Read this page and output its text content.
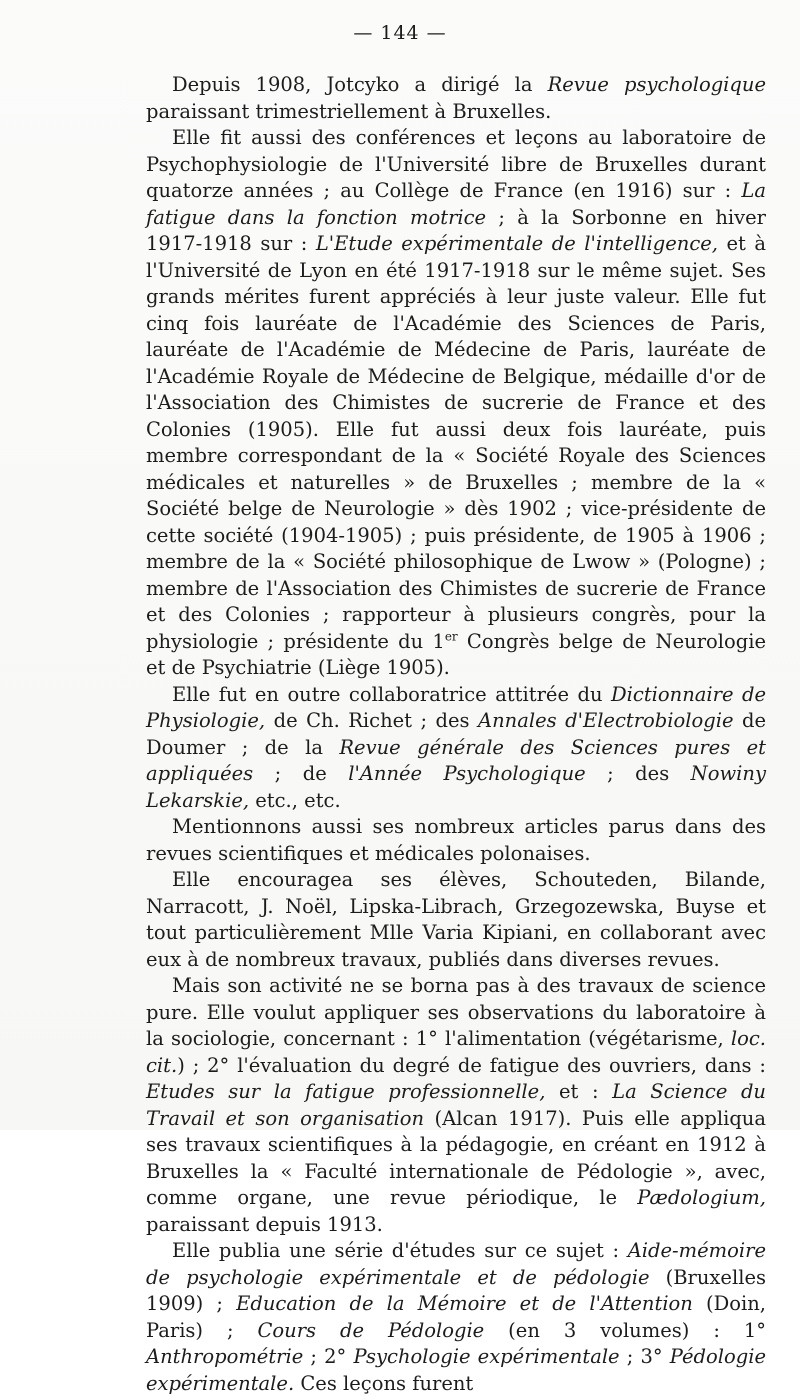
— 144 —

Depuis 1908, Jotcyko a dirigé la Revue psychologique paraissant trimestriellement à Bruxelles.

Elle fit aussi des conférences et leçons au laboratoire de Psychophysiologie de l'Université libre de Bruxelles durant quatorze années ; au Collège de France (en 1916) sur : La fatigue dans la fonction motrice ; à la Sorbonne en hiver 1917-1918 sur : L'Etude expérimentale de l'intelligence, et à l'Université de Lyon en été 1917-1918 sur le même sujet. Ses grands mérites furent appréciés à leur juste valeur. Elle fut cinq fois lauréate de l'Académie des Sciences de Paris, lauréate de l'Académie de Médecine de Paris, lauréate de l'Académie Royale de Médecine de Belgique, médaille d'or de l'Association des Chimistes de sucrerie de France et des Colonies (1905). Elle fut aussi deux fois lauréate, puis membre correspondant de la « Société Royale des Sciences médicales et naturelles » de Bruxelles ; membre de la « Société belge de Neurologie » dès 1902 ; vice-présidente de cette société (1904-1905) ; puis présidente, de 1905 à 1906 ; membre de la « Société philosophique de Lwow » (Pologne) ; membre de l'Association des Chimistes de sucrerie de France et des Colonies ; rapporteur à plusieurs congrès, pour la physiologie ; présidente du 1er Congrès belge de Neurologie et de Psychiatrie (Liège 1905).

Elle fut en outre collaboratrice attitrée du Dictionnaire de Physiologie, de Ch. Richet ; des Annales d'Electrobiologie de Doumer ; de la Revue générale des Sciences pures et appliquées ; de l'Année Psychologique ; des Nowiny Lekarskie, etc., etc.

Mentionnons aussi ses nombreux articles parus dans des revues scientifiques et médicales polonaises.

Elle encouragea ses élèves, Schouteden, Bilande, Narracott, J. Noël, Lipska-Librach, Grzegozewska, Buyse et tout particulièrement Mlle Varia Kipiani, en collaborant avec eux à de nombreux travaux, publiés dans diverses revues.

Mais son activité ne se borna pas à des travaux de science pure. Elle voulut appliquer ses observations du laboratoire à la sociologie, concernant : 1° l'alimentation (végétarisme, loc. cit.) ; 2° l'évaluation du degré de fatigue des ouvriers, dans : Etudes sur la fatigue professionnelle, et : La Science du Travail et son organisation (Alcan 1917). Puis elle appliqua ses travaux scientifiques à la pédagogie, en créant en 1912 à Bruxelles la « Faculté internationale de Pédologie », avec, comme organe, une revue périodique, le Pædologium, paraissant depuis 1913.

Elle publia une série d'études sur ce sujet : Aide-mémoire de psychologie expérimentale et de pédologie (Bruxelles 1909) ; Education de la Mémoire et de l'Attention (Doin, Paris) ; Cours de Pédologie (en 3 volumes) : 1° Anthropométrie ; 2° Psychologie expérimentale ; 3° Pédologie expérimentale. Ces leçons furent
